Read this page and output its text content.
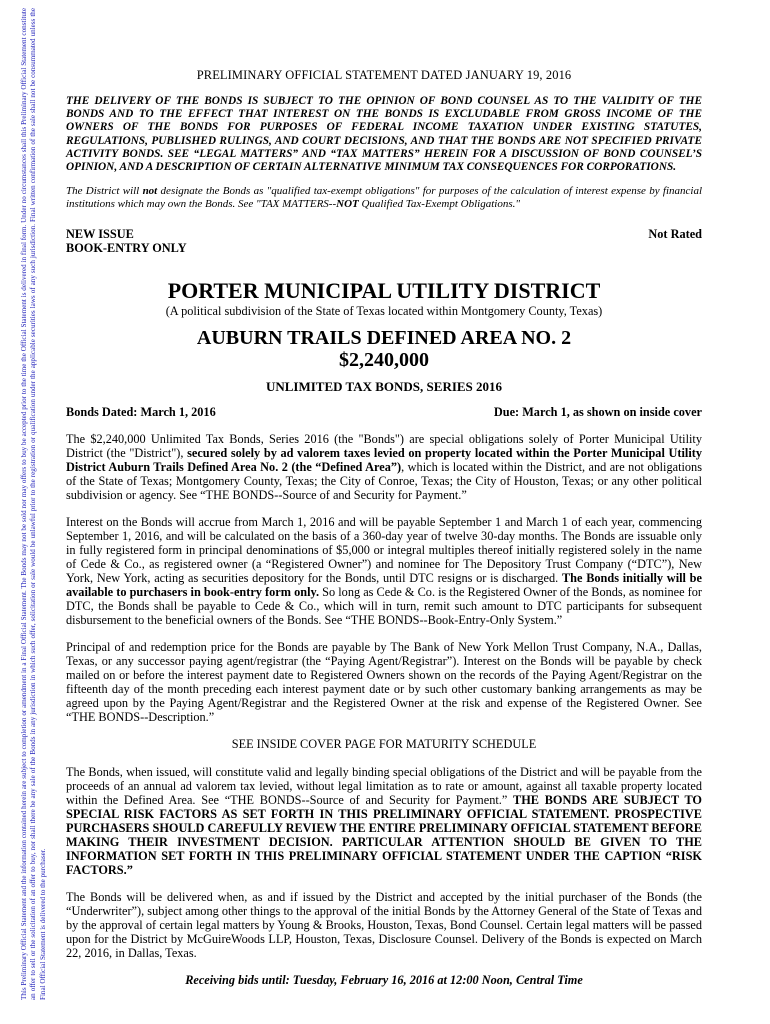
This Preliminary Official Statement and the information contained herein are subject to completion or amendment in a Final Official Statement. The Bonds may not be sold nor may offers to buy be accepted prior to the time the Official Statement is delivered in final form. Under no circumstances shall this Preliminary Official Statement constitute an offer to sell or the solicitation of an offer to buy, nor shall there be any sale of the Bonds in any jurisdiction in which such offer, solicitation or sale would be unlawful prior to the registration or qualification under the applicable securities laws of any such jurisdiction. Final written confirmation of the sale shall not be consummated unless the Final Official Statement is delivered to the purchaser.

PRELIMINARY OFFICIAL STATEMENT DATED JANUARY 19, 2016

THE DELIVERY OF THE BONDS IS SUBJECT TO THE OPINION OF BOND COUNSEL AS TO THE VALIDITY OF THE BONDS AND TO THE EFFECT THAT INTEREST ON THE BONDS IS EXCLUDABLE FROM GROSS INCOME OF THE OWNERS OF THE BONDS FOR PURPOSES OF FEDERAL INCOME TAXATION UNDER EXISTING STATUTES, REGULATIONS, PUBLISHED RULINGS, AND COURT DECISIONS, AND THAT THE BONDS ARE NOT SPECIFIED PRIVATE ACTIVITY BONDS. SEE “LEGAL MATTERS” AND “TAX MATTERS” HEREIN FOR A DISCUSSION OF BOND COUNSEL’S OPINION, AND A DESCRIPTION OF CERTAIN ALTERNATIVE MINIMUM TAX CONSEQUENCES FOR CORPORATIONS.

The District will not designate the Bonds as "qualified tax-exempt obligations" for purposes of the calculation of interest expense by financial institutions which may own the Bonds. See "TAX MATTERS--NOT Qualified Tax-Exempt Obligations."

NEW ISSUE
BOOK-ENTRY ONLY
Not Rated

PORTER MUNICIPAL UTILITY DISTRICT

(A political subdivision of the State of Texas located within Montgomery County, Texas)

AUBURN TRAILS DEFINED AREA NO. 2

$2,240,000

UNLIMITED TAX BONDS, SERIES 2016

Bonds Dated: March 1, 2016	Due: March 1, as shown on inside cover

The $2,240,000 Unlimited Tax Bonds, Series 2016 (the "Bonds") are special obligations solely of Porter Municipal Utility District (the "District"), secured solely by ad valorem taxes levied on property located within the Porter Municipal Utility District Auburn Trails Defined Area No. 2 (the “Defined Area”), which is located within the District, and are not obligations of the State of Texas; Montgomery County, Texas; the City of Conroe, Texas; the City of Houston, Texas; or any other political subdivision or agency. See “THE BONDS--Source of and Security for Payment.”

Interest on the Bonds will accrue from March 1, 2016 and will be payable September 1 and March 1 of each year, commencing September 1, 2016, and will be calculated on the basis of a 360-day year of twelve 30-day months. The Bonds are issuable only in fully registered form in principal denominations of $5,000 or integral multiples thereof initially registered solely in the name of Cede & Co., as registered owner (a “Registered Owner”) and nominee for The Depository Trust Company (“DTC”), New York, New York, acting as securities depository for the Bonds, until DTC resigns or is discharged. The Bonds initially will be available to purchasers in book-entry form only. So long as Cede & Co. is the Registered Owner of the Bonds, as nominee for DTC, the Bonds shall be payable to Cede & Co., which will in turn, remit such amount to DTC participants for subsequent disbursement to the beneficial owners of the Bonds. See “THE BONDS--Book-Entry-Only System.”

Principal of and redemption price for the Bonds are payable by The Bank of New York Mellon Trust Company, N.A., Dallas, Texas, or any successor paying agent/registrar (the “Paying Agent/Registrar”). Interest on the Bonds will be payable by check mailed on or before the interest payment date to Registered Owners shown on the records of the Paying Agent/Registrar on the fifteenth day of the month preceding each interest payment date or by such other customary banking arrangements as may be agreed upon by the Paying Agent/Registrar and the Registered Owner at the risk and expense of the Registered Owner. See “THE BONDS--Description.”

SEE INSIDE COVER PAGE FOR MATURITY SCHEDULE

The Bonds, when issued, will constitute valid and legally binding special obligations of the District and will be payable from the proceeds of an annual ad valorem tax levied, without legal limitation as to rate or amount, against all taxable property located within the Defined Area. See “THE BONDS--Source of and Security for Payment.” THE BONDS ARE SUBJECT TO SPECIAL RISK FACTORS AS SET FORTH IN THIS PRELIMINARY OFFICIAL STATEMENT. PROSPECTIVE PURCHASERS SHOULD CAREFULLY REVIEW THE ENTIRE PRELIMINARY OFFICIAL STATEMENT BEFORE MAKING THEIR INVESTMENT DECISION. PARTICULAR ATTENTION SHOULD BE GIVEN TO THE INFORMATION SET FORTH IN THIS PRELIMINARY OFFICIAL STATEMENT UNDER THE CAPTION “RISK FACTORS.”

The Bonds will be delivered when, as and if issued by the District and accepted by the initial purchaser of the Bonds (the “Underwriter”), subject among other things to the approval of the initial Bonds by the Attorney General of the State of Texas and by the approval of certain legal matters by Young & Brooks, Houston, Texas, Bond Counsel. Certain legal matters will be passed upon for the District by McGuireWoods LLP, Houston, Texas, Disclosure Counsel. Delivery of the Bonds is expected on March 22, 2016, in Dallas, Texas.

Receiving bids until: Tuesday, February 16, 2016 at 12:00 Noon, Central Time
